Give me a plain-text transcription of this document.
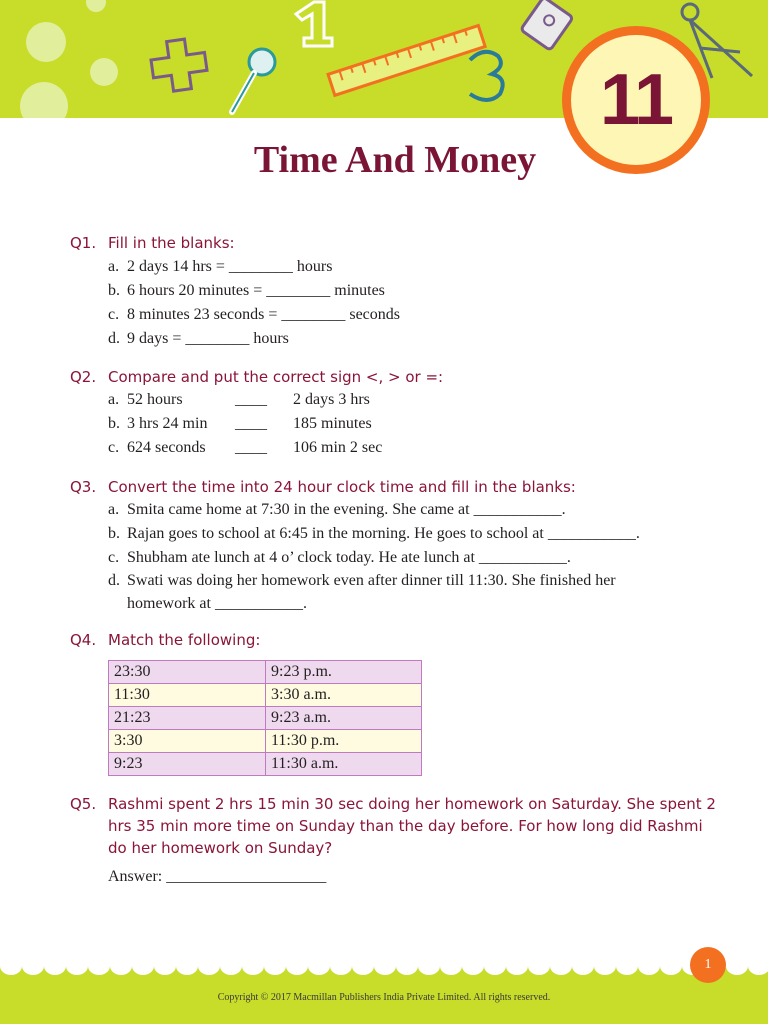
11
Time And Money
Q1. Fill in the blanks:
a. 2 days 14 hrs = ________ hours
b. 6 hours 20 minutes = ________ minutes
c. 8 minutes 23 seconds = ________ seconds
d. 9 days = ________ hours
Q2. Compare and put the correct sign <, > or =:
a. 52 hours	____ 2 days 3 hrs
b. 3 hrs 24 min ____ 185 minutes
c. 624 seconds ____ 106 min 2 sec
Q3. Convert the time into 24 hour clock time and fill in the blanks:
a. Smita came home at 7:30 in the evening. She came at ___________.
b. Rajan goes to school at 6:45 in the morning. He goes to school at ___________.
c. Shubham ate lunch at 4 o’ clock today. He ate lunch at ___________.
d. Swati was doing her homework even after dinner till 11:30. She finished her
homework at ___________.
Q4. Match the following:
23:30	9:23 p.m.
11:30	3:30 a.m.
21:23	9:23 a.m.
3:30	11:30 p.m.
9:23	11:30 a.m.
Q5. Rashmi spent 2 hrs 15 min 30 sec doing her homework on Saturday. She spent 2
hrs 35 min more time on Sunday than the day before. For how long did Rashmi
do her homework on Sunday?
Answer: ____________________
1
Copyright © 2017 Macmillan Publishers India Private Limited. All rights reserved.
